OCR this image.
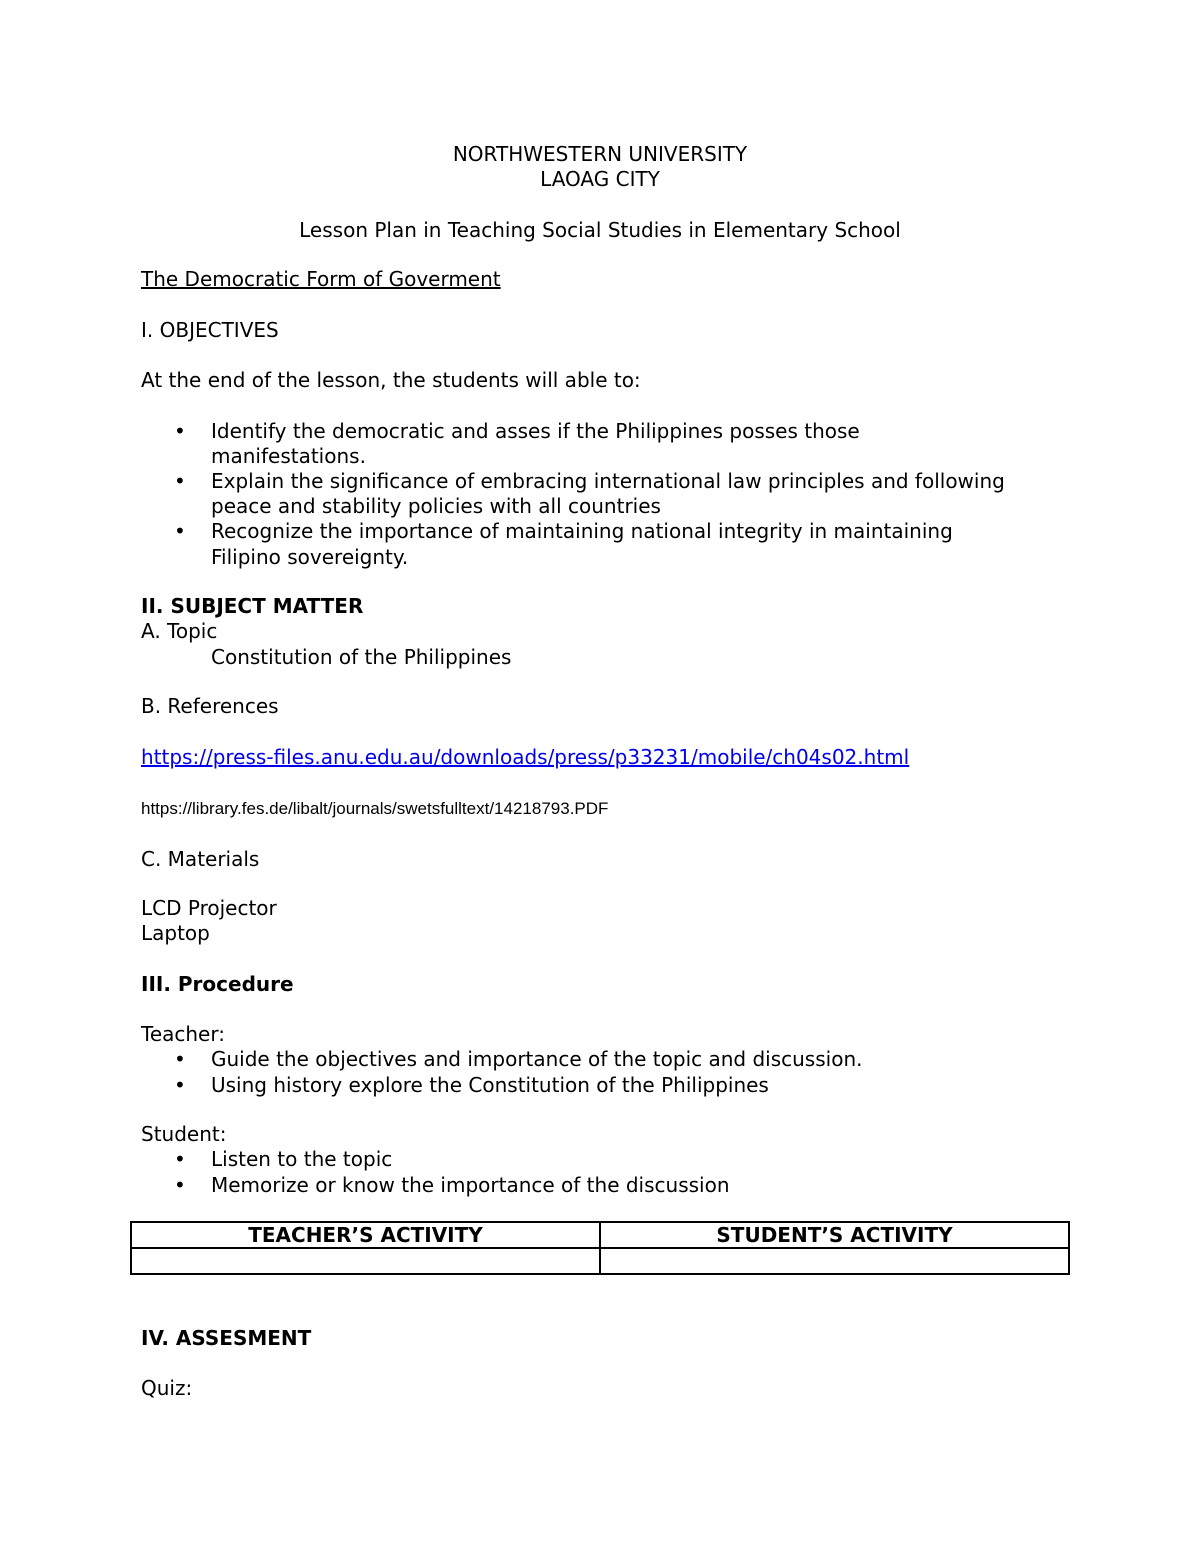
NORTHWESTERN UNIVERSITY
LAOAG CITY
Lesson Plan in Teaching Social Studies in Elementary School
The Democratic Form of Goverment
I. OBJECTIVES
At the end of the lesson, the students will able to:
• Identify the democratic and asses if the Philippines posses those
manifestations.
• Explain the significance of embracing international law principles and following
peace and stability policies with all countries
• Recognize the importance of maintaining national integrity in maintaining
Filipino sovereignty.
II. SUBJECT MATTER
A. Topic
Constitution of the Philippines
B. References
https://press-files.anu.edu.au/downloads/press/p33231/mobile/ch04s02.html
https://library.fes.de/libalt/journals/swetsfulltext/14218793.PDF
C. Materials
LCD Projector
Laptop
III. Procedure
Teacher:
• Guide the objectives and importance of the topic and discussion.
• Using history explore the Constitution of the Philippines
Student:
• Listen to the topic
• Memorize or know the importance of the discussion
TEACHER’S ACTIVITY	STUDENT’S ACTIVITY

IV. ASSESMENT
Quiz:
